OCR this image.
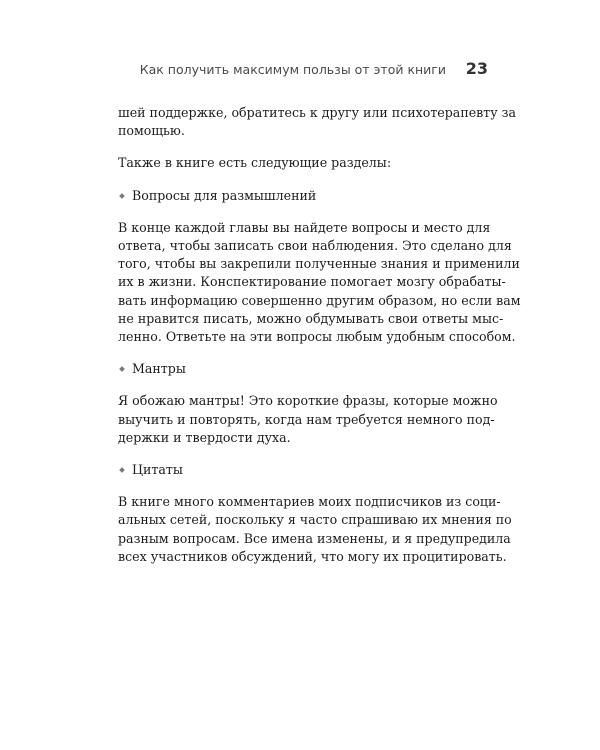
Как получить максимум пользы от этой книги 23

шей поддержке, обратитесь к другу или психотерапевту за
помощью.

Также в книге есть следующие разделы:

Вопросы для размышлений

В конце каждой главы вы найдете вопросы и место для
ответа, чтобы записать свои наблюдения. Это сделано для
того, чтобы вы закрепили полученные знания и применили
их в жизни. Конспектирование помогает мозгу обрабаты-
вать информацию совершенно другим образом, но если вам
не нравится писать, можно обдумывать свои ответы мыс-
ленно. Ответьте на эти вопросы любым удобным способом.

Мантры

Я обожаю мантры! Это короткие фразы, которые можно
выучить и повторять, когда нам требуется немного под-
держки и твердости духа.

Цитаты

В книге много комментариев моих подписчиков из соци-
альных сетей, поскольку я часто спрашиваю их мнения по
разным вопросам. Все имена изменены, и я предупредила
всех участников обсуждений, что могу их процитировать.
